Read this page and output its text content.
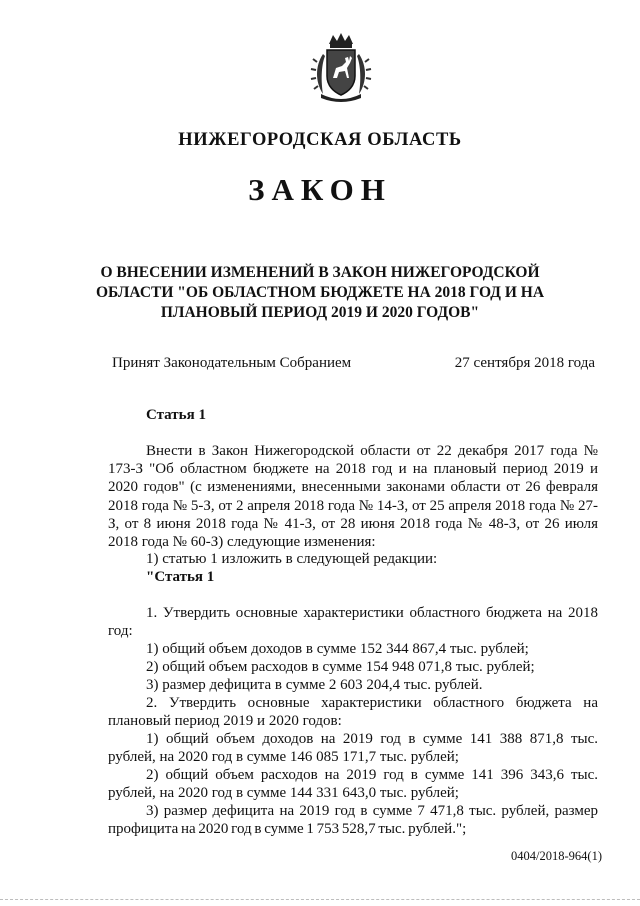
НИЖЕГОРОДСКАЯ ОБЛАСТЬ
ЗАКОН
О ВНЕСЕНИИ ИЗМЕНЕНИЙ В ЗАКОН НИЖЕГОРОДСКОЙ
ОБЛАСТИ "ОБ ОБЛАСТНОМ БЮДЖЕТЕ НА 2018 ГОД И НА
ПЛАНОВЫЙ ПЕРИОД 2019 И 2020 ГОДОВ"
Принят Законодательным Собранием	27 сентября 2018 года
Статья 1
Внести в Закон Нижегородской области от 22 декабря 2017 года № 173-З "Об областном бюджете на 2018 год и на плановый период 2019 и 2020 годов" (с изменениями, внесенными законами области от 26 февраля 2018 года № 5-З, от 2 апреля 2018 года № 14-З, от 25 апреля 2018 года № 27-З, от 8 июня 2018 года № 41-З, от 28 июня 2018 года № 48-З, от 26 июля 2018 года № 60-З) следующие изменения:
1) статью 1 изложить в следующей редакции:
"Статья 1
1. Утвердить основные характеристики областного бюджета на 2018 год:
1) общий объем доходов в сумме 152 344 867,4 тыс. рублей;
2) общий объем расходов в сумме 154 948 071,8 тыс. рублей;
3) размер дефицита в сумме 2 603 204,4 тыс. рублей.
2. Утвердить основные характеристики областного бюджета на плановый период 2019 и 2020 годов:
1) общий объем доходов на 2019 год в сумме 141 388 871,8 тыс. рублей, на 2020 год в сумме 146 085 171,7 тыс. рублей;
2) общий объем расходов на 2019 год в сумме 141 396 343,6 тыс. рублей, на 2020 год в сумме 144 331 643,0 тыс. рублей;
3) размер дефицита на 2019 год в сумме 7 471,8 тыс. рублей, размер профицита на 2020 год в сумме 1 753 528,7 тыс. рублей.";
0404/2018-964(1)
